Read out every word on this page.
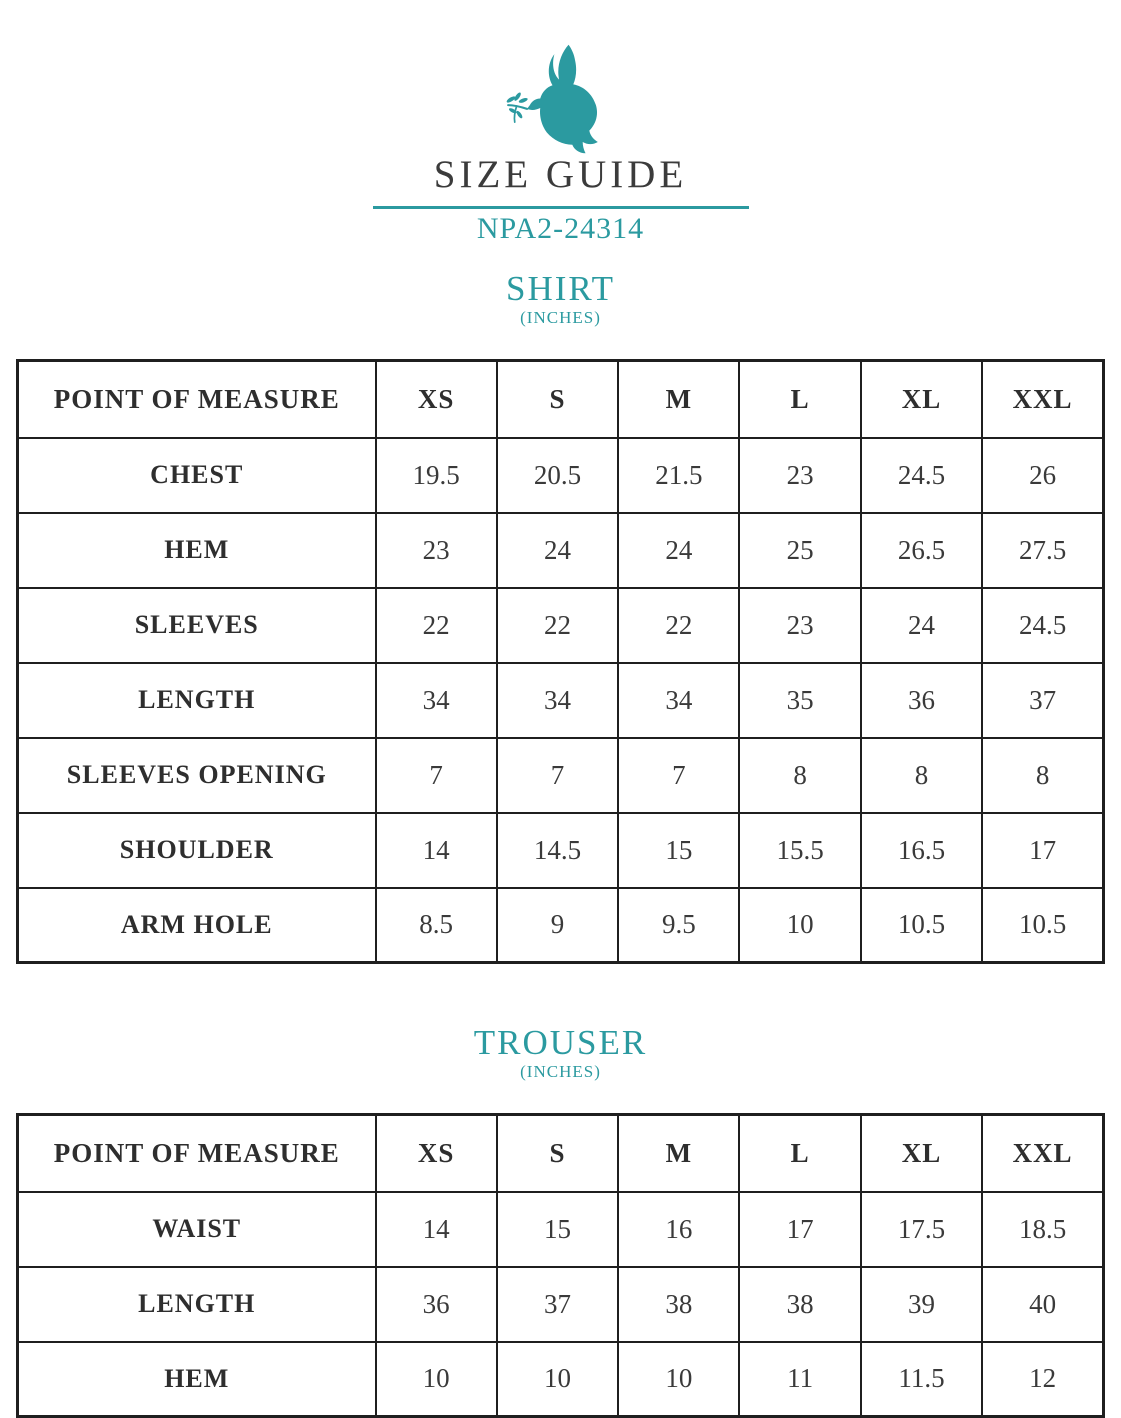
SIZE GUIDE
NPA2-24314
SHIRT
(INCHES)
POINT OF MEASURE	XS	S	M	L	XL	XXL
CHEST	19.5	20.5	21.5	23	24.5	26
HEM	23	24	24	25	26.5	27.5
SLEEVES	22	22	22	23	24	24.5
LENGTH	34	34	34	35	36	37
SLEEVES OPENING	7	7	7	8	8	8
SHOULDER	14	14.5	15	15.5	16.5	17
ARM HOLE	8.5	9	9.5	10	10.5	10.5
TROUSER
(INCHES)
POINT OF MEASURE	XS	S	M	L	XL	XXL
WAIST	14	15	16	17	17.5	18.5
LENGTH	36	37	38	38	39	40
HEM	10	10	10	11	11.5	12
